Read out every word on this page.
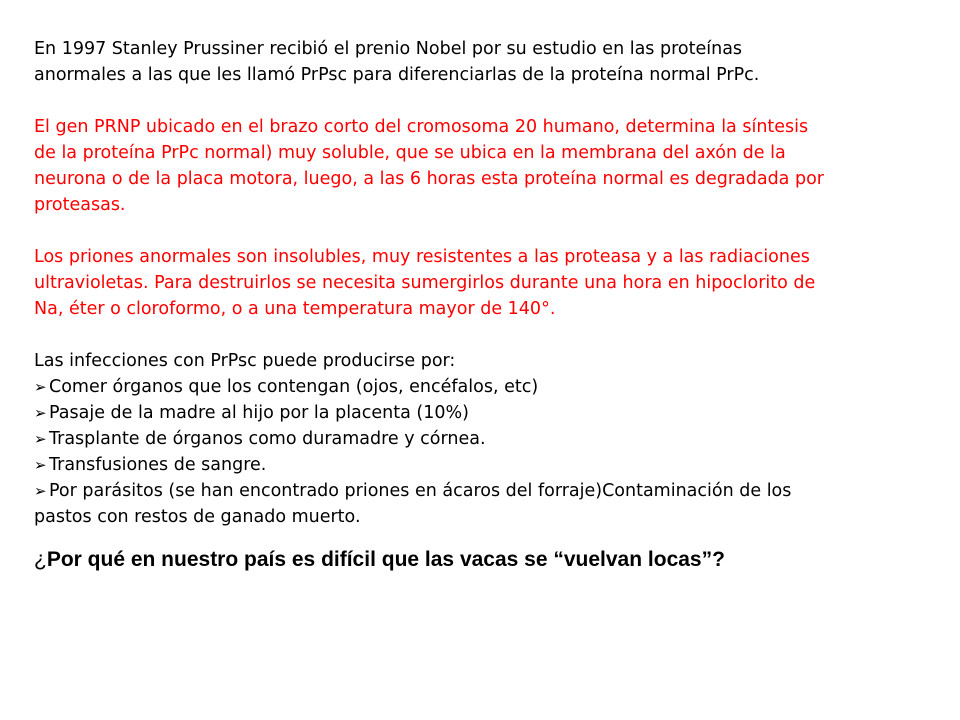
En 1997 Stanley Prussiner recibió el prenio Nobel por su estudio en las proteínas
anormales a las que les llamó PrPsc para diferenciarlas de la proteína normal PrPc.
El gen PRNP ubicado en el brazo corto del cromosoma 20 humano, determina la síntesis
de la proteína PrPc normal) muy soluble, que se ubica en la membrana del axón de la
neurona o de la placa motora, luego, a las 6 horas esta proteína normal es degradada por
proteasas.
Los priones anormales son insolubles, muy resistentes a las proteasa y a las radiaciones
ultravioletas. Para destruirlos se necesita sumergirlos durante una hora en hipoclorito de
Na, éter o cloroformo, o a una temperatura mayor de 140°.
Las infecciones con PrPsc puede producirse por:
➢ Comer órganos que los contengan (ojos, encéfalos, etc)
➢ Pasaje de la madre al hijo por la placenta (10%)
➢ Trasplante de órganos como duramadre y córnea.
➢ Transfusiones de sangre.
➢ Por parásitos (se han encontrado priones en ácaros del forraje)Contaminación de los
pastos con restos de ganado muerto.
¿Por qué en nuestro país es difícil que las vacas se “vuelvan locas”?
